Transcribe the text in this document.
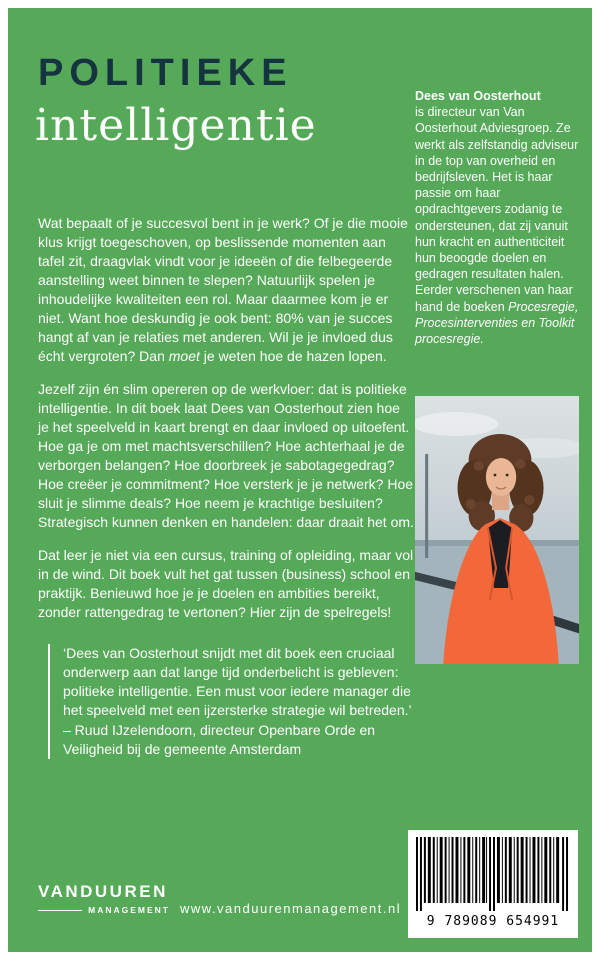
POLITIEKE
intelligentie
Dees van Oosterhout
is directeur van Van Oosterhout Adviesgroep. Ze werkt als zelfstandig adviseur in de top van overheid en bedrijfsleven. Het is haar passie om haar opdrachtgevers zodanig te ondersteunen, dat zij vanuit hun kracht en authenticiteit hun beoogde doelen en gedragen resultaten halen. Eerder verschenen van haar hand de boeken Procesregie, Procesinterventies en Toolkit procesregie.

Wat bepaalt of je succesvol bent in je werk? Of je die mooie klus krijgt toegeschoven, op beslissende momenten aan tafel zit, draagvlak vindt voor je ideeën of die felbegeerde aanstelling weet binnen te slepen? Natuurlijk spelen je inhoudelijke kwaliteiten een rol. Maar daarmee kom je er niet. Want hoe deskundig je ook bent: 80% van je succes hangt af van je relaties met anderen. Wil je je invloed dus écht vergroten? Dan moet je weten hoe de hazen lopen.

Jezelf zijn én slim opereren op de werkvloer: dat is politieke intelligentie. In dit boek laat Dees van Oosterhout zien hoe je het speelveld in kaart brengt en daar invloed op uitoefent. Hoe ga je om met machtsverschillen? Hoe achterhaal je de verborgen belangen? Hoe doorbreek je sabotagegedrag? Hoe creëer je commitment? Hoe versterk je je netwerk? Hoe sluit je slimme deals? Hoe neem je krachtige besluiten? Strategisch kunnen denken en handelen: daar draait het om.

Dat leer je niet via een cursus, training of opleiding, maar vol in de wind. Dit boek vult het gat tussen (business) school en praktijk. Benieuwd hoe je je doelen en ambities bereikt, zonder rattengedrag te vertonen? Hier zijn de spelregels!

‘Dees van Oosterhout snijdt met dit boek een cruciaal onderwerp aan dat lange tijd onderbelicht is gebleven: politieke intelligentie. Een must voor iedere manager die het speelveld met een ijzersterke strategie wil betreden.’
– Ruud IJzelendoorn, directeur Openbare Orde en Veiligheid bij de gemeente Amsterdam
VANDUUREN
MANAGEMENT www.vanduurenmanagement.nl
9 789089 654991
